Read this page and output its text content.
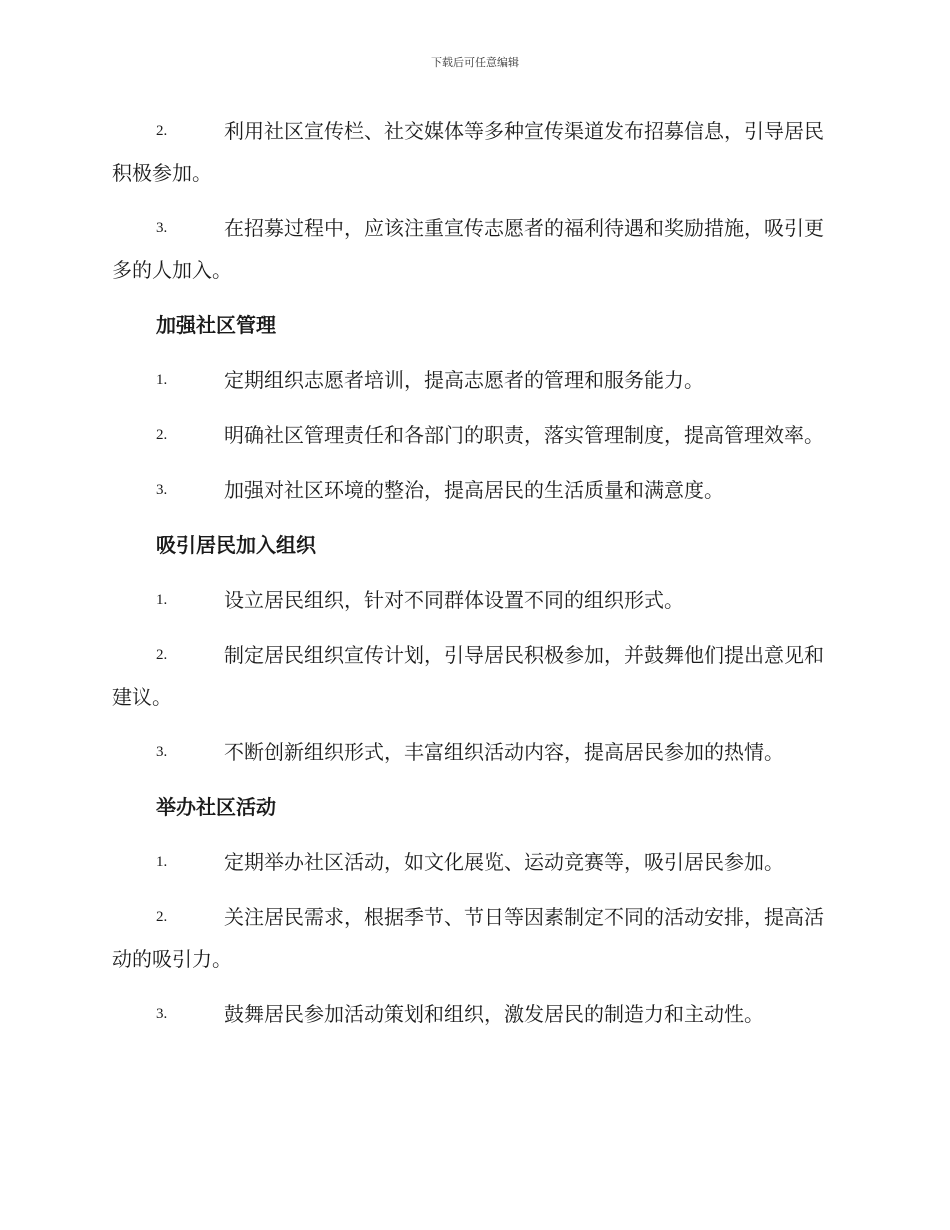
下载后可任意编辑
2.	利用社区宣传栏、社交媒体等多种宣传渠道发布招募信息，引导居民积极参加。
3.	在招募过程中，应该注重宣传志愿者的福利待遇和奖励措施，吸引更多的人加入。
加强社区管理
1.	定期组织志愿者培训，提高志愿者的管理和服务能力。
2.	明确社区管理责任和各部门的职责，落实管理制度，提高管理效率。
3.	加强对社区环境的整治，提高居民的生活质量和满意度。
吸引居民加入组织
1.	设立居民组织，针对不同群体设置不同的组织形式。
2.	制定居民组织宣传计划，引导居民积极参加，并鼓舞他们提出意见和建议。
3.	不断创新组织形式，丰富组织活动内容，提高居民参加的热情。
举办社区活动
1.	定期举办社区活动，如文化展览、运动竞赛等，吸引居民参加。
2.	关注居民需求，根据季节、节日等因素制定不同的活动安排，提高活动的吸引力。
3.	鼓舞居民参加活动策划和组织，激发居民的制造力和主动性。
